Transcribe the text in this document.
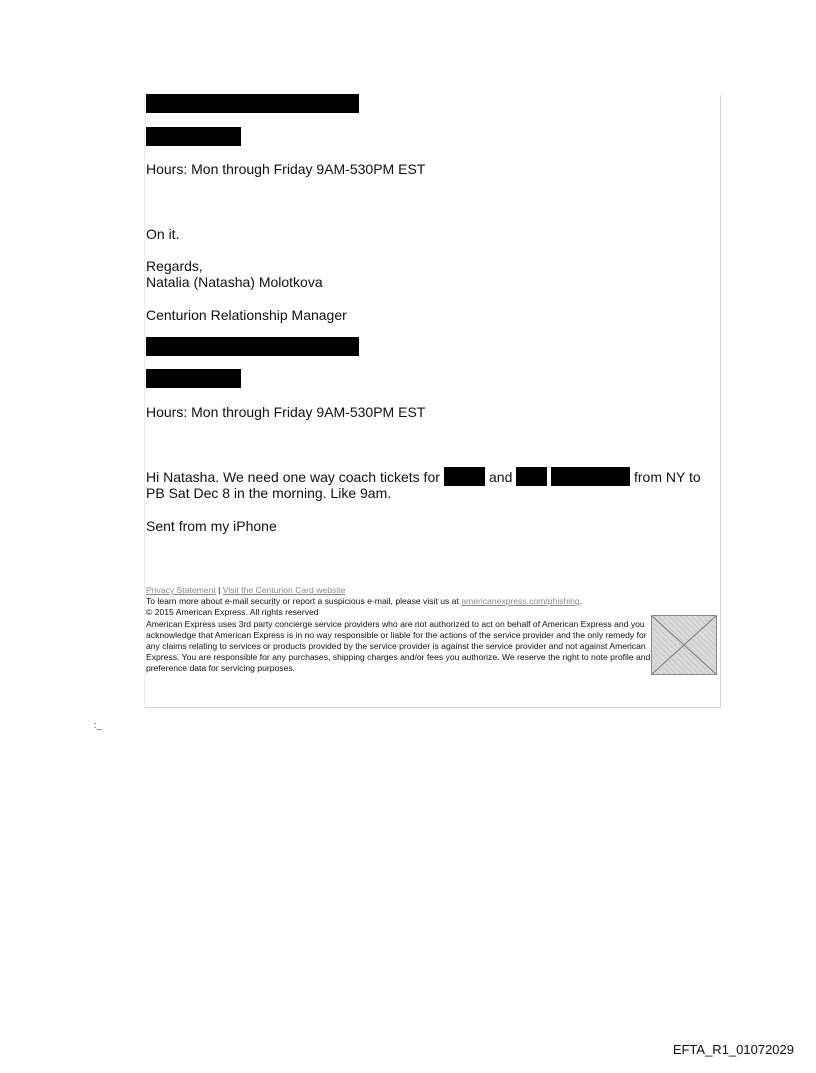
Hours: Mon through Friday 9AM-530PM EST

On it.

Regards,

Natalia (Natasha) Molotkova

Centurion Relationship Manager

Hours: Mon through Friday 9AM-530PM EST

Hi Natasha. We need one way coach tickets for	and	from NY to

PB Sat Dec 8 in the morning. Like 9am.

Sent from my iPhone

Privacy Statement | Visit the Centurion Card website

To learn more about e-mail security or report a suspicious e-mail, please visit us at americanexpress.com/phishing.

© 2015 American Express. All rights reserved

American Express uses 3rd party concierge service providers who are not authorized to act on behalf of American Express and you acknowledge that American Express is in no way responsible or liable for the actions of the service provider and the only remedy for any claims relating to services or products provided by the service provider is against the service provider and not against American Express. You are responsible for any purchases, shipping charges and/or fees you authorize. We reserve the right to note profile and preference data for servicing purposes.

:_
EFTA_R1_01072029
